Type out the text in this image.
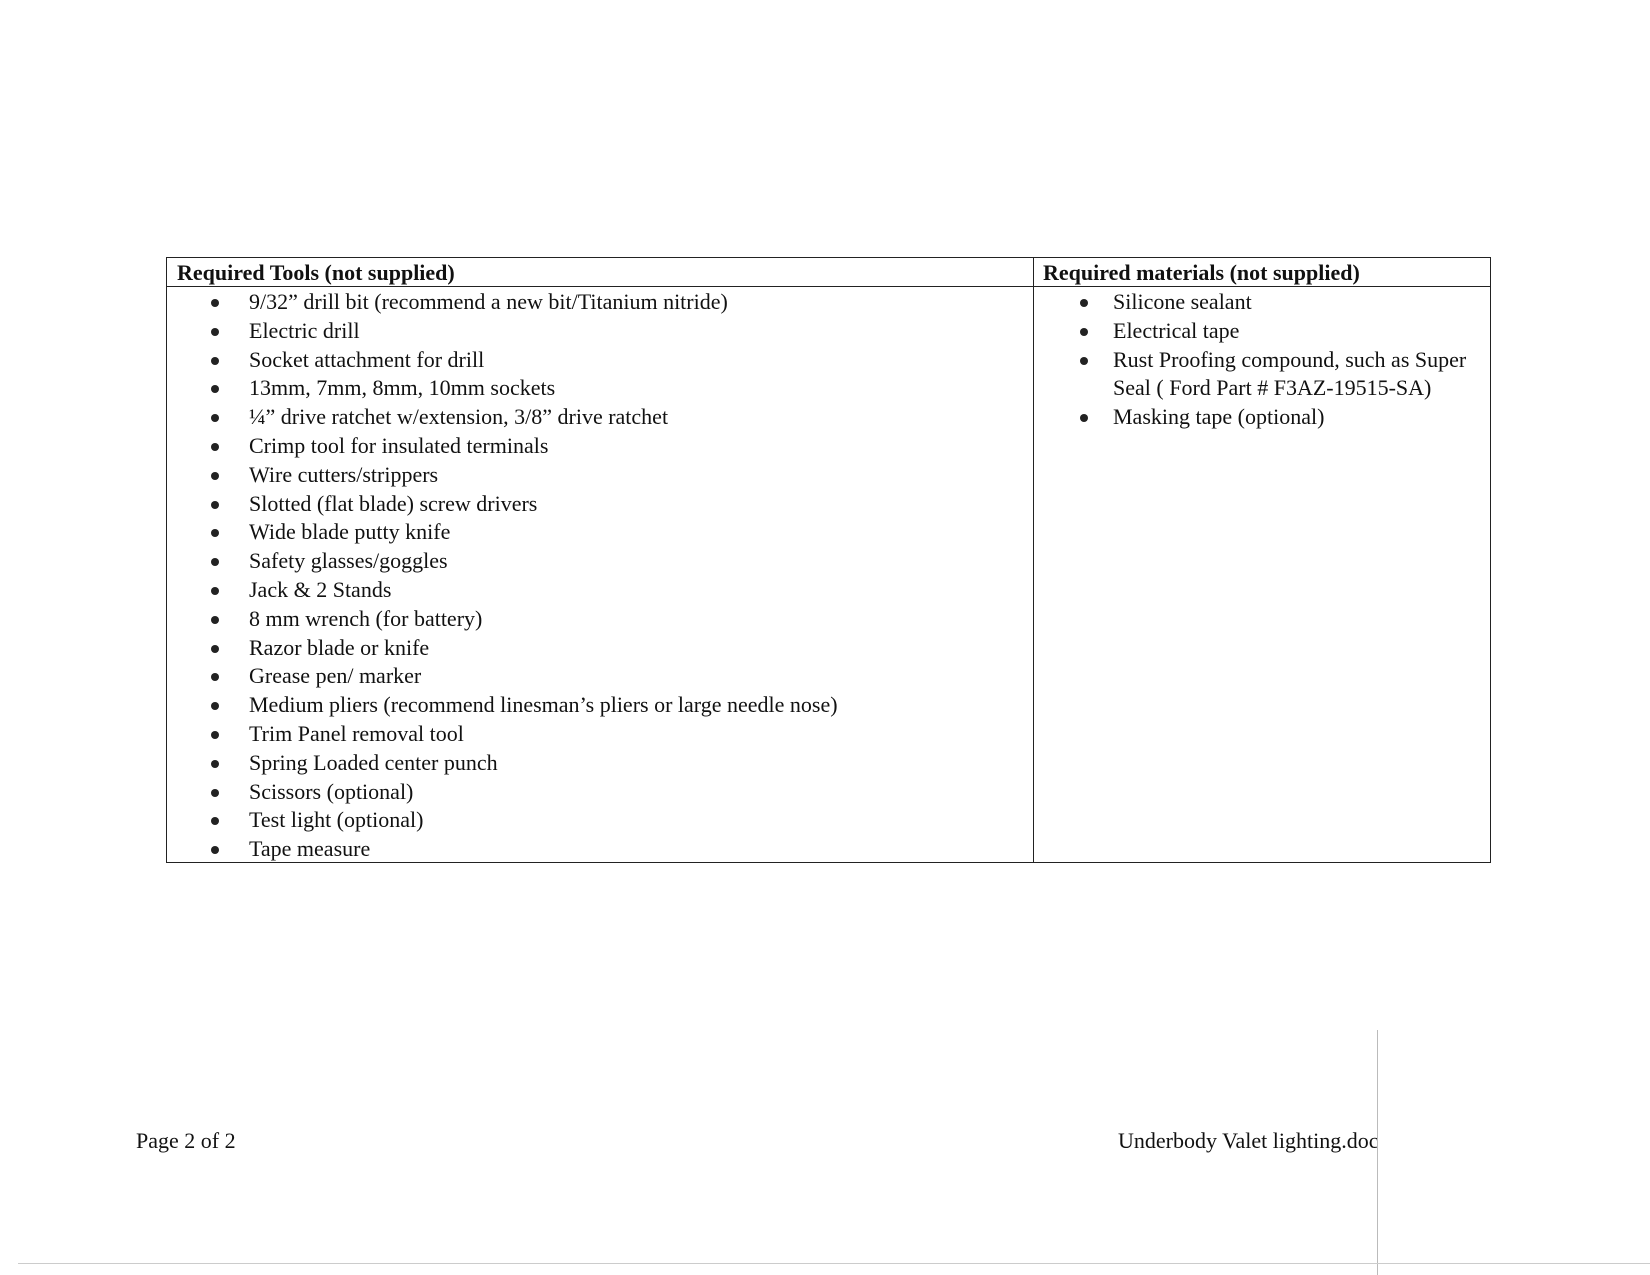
Required Tools (not supplied)	Required materials (not supplied)
9/32” drill bit (recommend a new bit/Titanium nitride)
Electric drill
Socket attachment for drill
13mm, 7mm, 8mm, 10mm sockets
¼” drive ratchet w/extension, 3/8” drive ratchet
Crimp tool for insulated terminals
Wire cutters/strippers
Slotted (flat blade) screw drivers
Wide blade putty knife
Safety glasses/goggles
Jack & 2 Stands
8 mm wrench (for battery)
Razor blade or knife
Grease pen/ marker
Medium pliers (recommend linesman’s pliers or large needle nose)
Trim Panel removal tool
Spring Loaded center punch
Scissors (optional)
Test light (optional)
Tape measure
Silicone sealant
Electrical tape
Rust Proofing compound, such as Super Seal ( Ford Part # F3AZ-19515-SA)
Masking tape (optional)
Page 2 of 2	Underbody Valet lighting.doc
